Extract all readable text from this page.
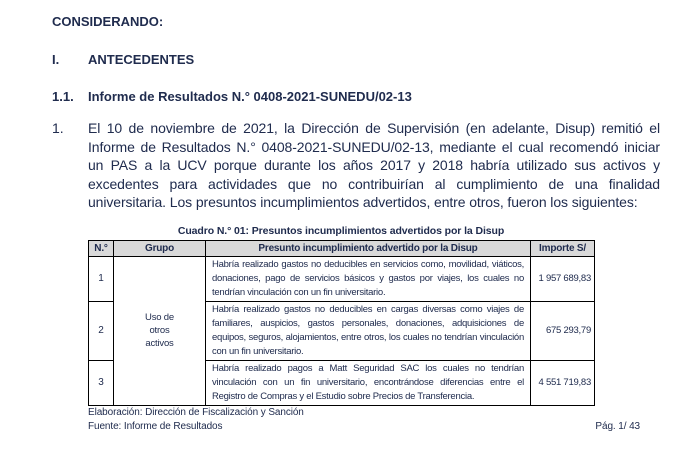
CONSIDERANDO:
I.	ANTECEDENTES
1.1.	Informe de Resultados N.° 0408-2021-SUNEDU/02-13
1.	El 10 de noviembre de 2021, la Dirección de Supervisión (en adelante, Disup) remitió el Informe de Resultados N.° 0408-2021-SUNEDU/02-13, mediante el cual recomendó iniciar un PAS a la UCV porque durante los años 2017 y 2018 habría utilizado sus activos y excedentes para actividades que no contribuirían al cumplimiento de una finalidad universitaria. Los presuntos incumplimientos advertidos, entre otros, fueron los siguientes:
Cuadro N.° 01: Presuntos incumplimientos advertidos por la Disup
N.°	Grupo	Presunto incumplimiento advertido por la Disup	Importe S/
1	Uso de otros activos	Habría realizado gastos no deducibles en servicios como, movilidad, viáticos, donaciones, pago de servicios básicos y gastos por viajes, los cuales no tendrían vinculación con un fin universitario.	1 957 689,83
2		Habría realizado gastos no deducibles en cargas diversas como viajes de familiares, auspicios, gastos personales, donaciones, adquisiciones de equipos, seguros, alojamientos, entre otros, los cuales no tendrían vinculación con un fin universitario.	675 293,79
3		Habría realizado pagos a Matt Seguridad SAC los cuales no tendrían vinculación con un fin universitario, encontrándose diferencias entre el Registro de Compras y el Estudio sobre Precios de Transferencia.	4 551 719,83
Elaboración: Dirección de Fiscalización y Sanción
Fuente: Informe de Resultados	Pág. 1/ 43
